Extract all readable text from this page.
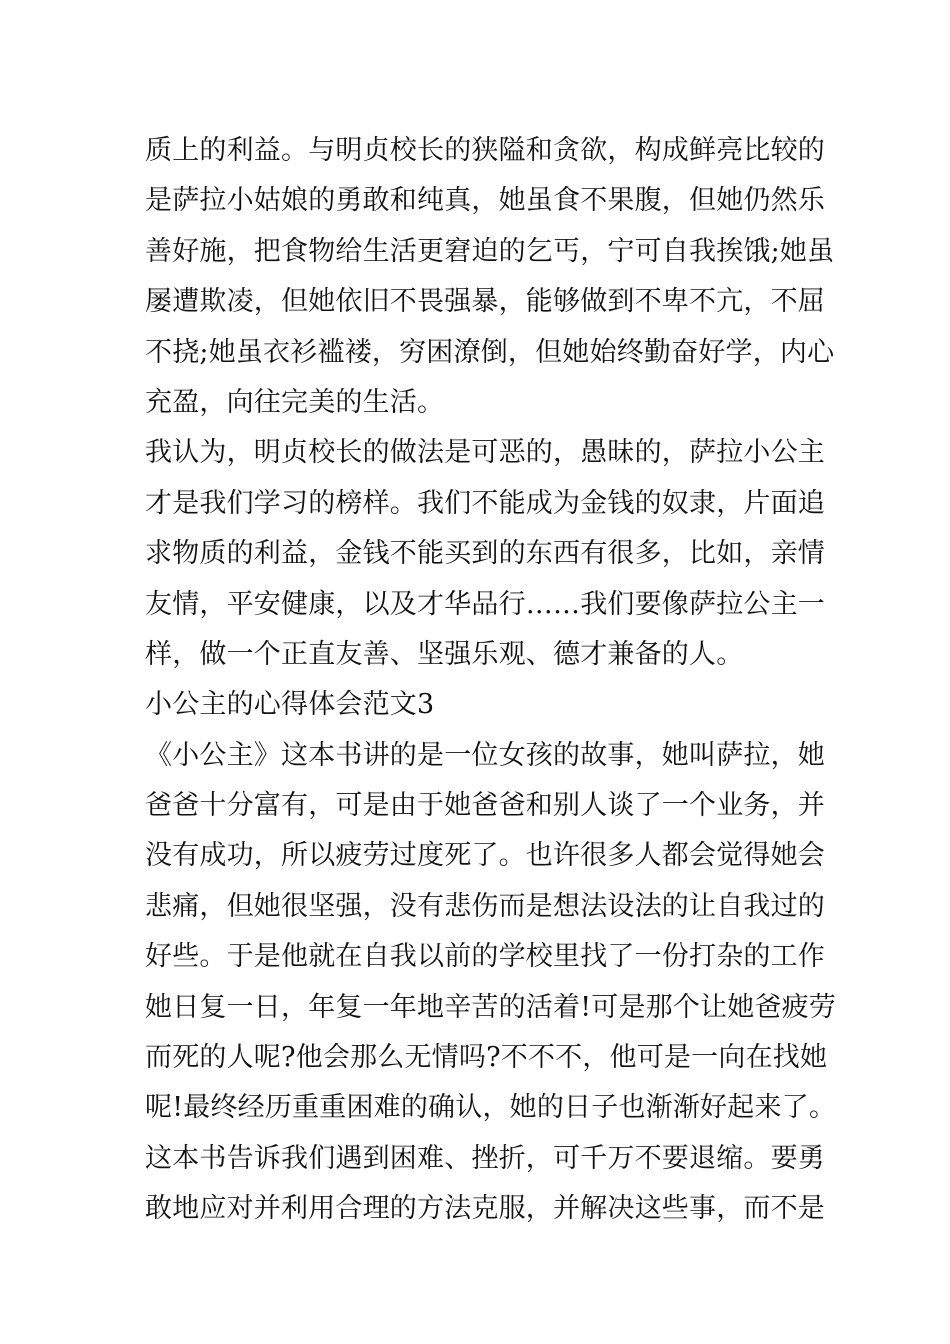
质上的利益。与明贞校长的狭隘和贪欲，构成鲜亮比较的
是萨拉小姑娘的勇敢和纯真，她虽食不果腹，但她仍然乐
善好施，把食物给生活更窘迫的乞丐，宁可自我挨饿;她虽
屡遭欺凌，但她依旧不畏强暴，能够做到不卑不亢，不屈
不挠;她虽衣衫褴褛，穷困潦倒，但她始终勤奋好学，内心
充盈，向往完美的生活。
我认为，明贞校长的做法是可恶的，愚昧的，萨拉小公主
才是我们学习的榜样。我们不能成为金钱的奴隶，片面追
求物质的利益，金钱不能买到的东西有很多，比如，亲情
友情，平安健康，以及才华品行……我们要像萨拉公主一
样，做一个正直友善、坚强乐观、德才兼备的人。
小公主的心得体会范文3
《小公主》这本书讲的是一位女孩的故事，她叫萨拉，她
爸爸十分富有，可是由于她爸爸和别人谈了一个业务，并
没有成功，所以疲劳过度死了。也许很多人都会觉得她会
悲痛，但她很坚强，没有悲伤而是想法设法的让自我过的
好些。于是他就在自我以前的学校里找了一份打杂的工作
她日复一日，年复一年地辛苦的活着!可是那个让她爸疲劳
而死的人呢?他会那么无情吗?不不不，他可是一向在找她
呢!最终经历重重困难的确认，她的日子也渐渐好起来了。
这本书告诉我们遇到困难、挫折，可千万不要退缩。要勇
敢地应对并利用合理的方法克服，并解决这些事，而不是
